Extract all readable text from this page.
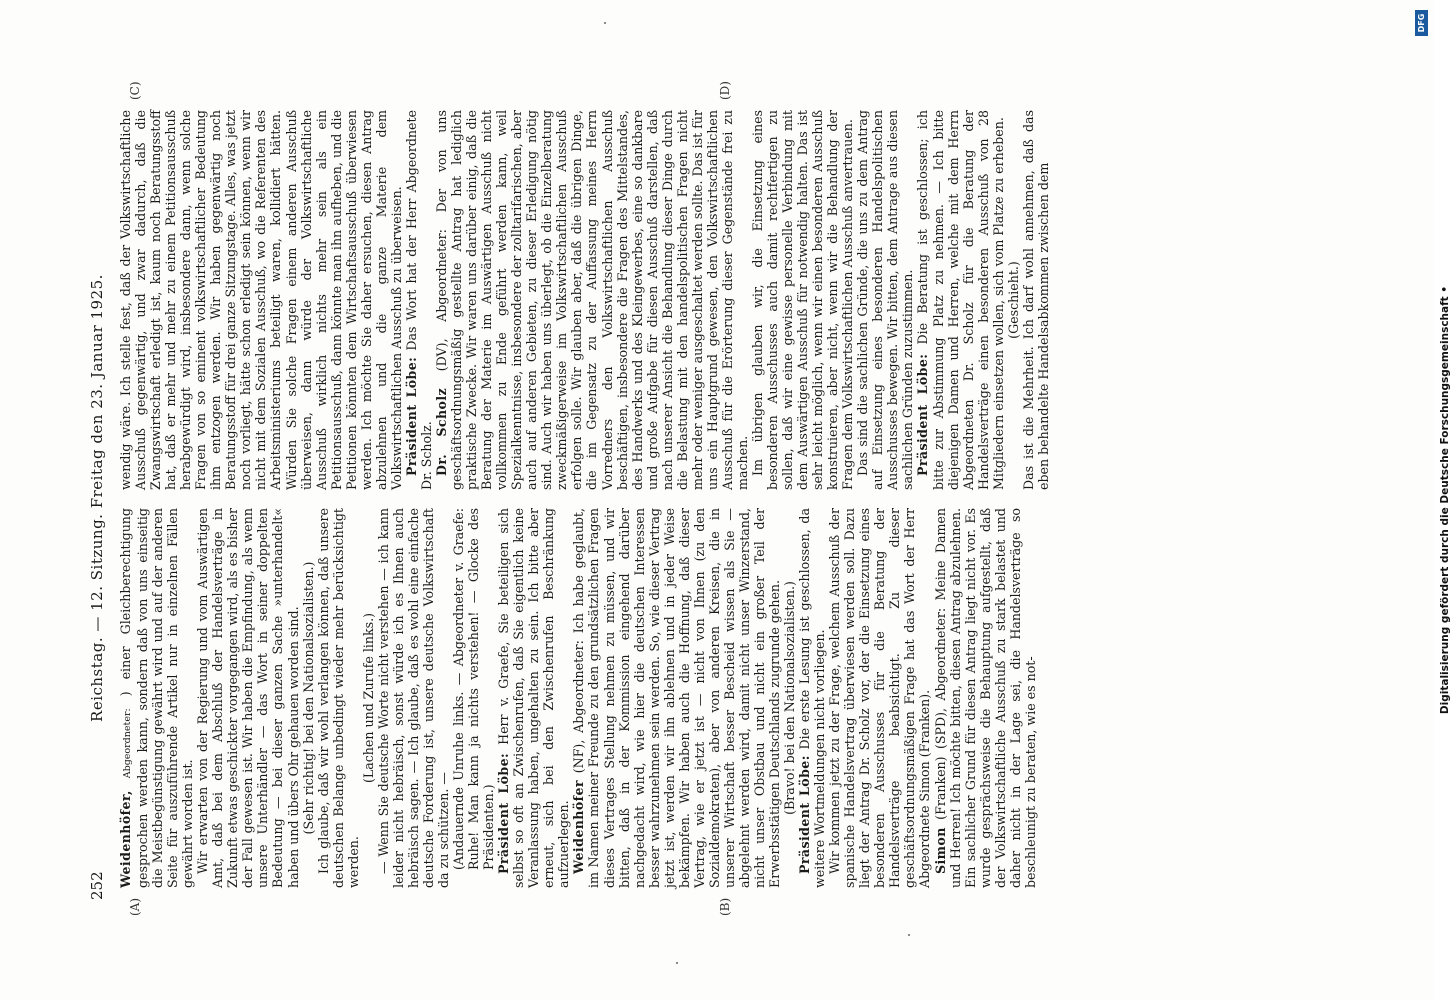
252
Reichstag. — 12. Sitzung. Freitag den 23. Januar 1925.
(A)	(B)
(C)	(D)

Weidenhöfer, Abgeordneter: ) einer Gleichberechtigung gesprochen werden kann, sondern daß von uns einseitig die Meistbegünstigung gewährt wird und auf der anderen Seite für auszuführende Artikel nur in einzelnen Fällen gewährt worden ist. Wir erwarten von der Regierung und vom Auswärtigen Amt, daß bei dem Abschluß der Handelsverträge in Zukunft etwas geschickter vorgegangen wird, als es bisher der Fall gewesen ist. Wir haben die Empfindung, als wenn unsere Unterhändler — das Wort in seiner doppelten Bedeutung — bei dieser ganzen Sache »unterhandelt« haben und übers Ohr gehauen worden sind. (Sehr richtig! bei den Nationalsozialisten.) Ich glaube, daß wir wohl verlangen können, daß unsere deutschen Belange unbedingt wieder mehr berücksichtigt werden.

(Lachen und Zurufe links.) — Wenn Sie deutsche Worte nicht verstehen — ich kann leider nicht hebräisch, sonst würde ich es Ihnen auch hebräisch sagen. — Ich glaube, daß es wohl eine einfache deutsche Forderung ist, unsere deutsche Volkswirtschaft da zu schützen. — (Andauernde Unruhe links. — Abgeordneter v. Graefe: Ruhe! Man kann ja nichts verstehen! — Glocke des Präsidenten.) Präsident Löbe: Herr v. Graefe, Sie beteiligen sich selbst so oft an Zwischenrufen, daß Sie eigentlich keine Veranlassung haben, ungehalten zu sein. Ich bitte aber erneut, sich bei den Zwischenrufen Beschränkung aufzuerlegen. Weidenhöfer (NF), Abgeordneter: Ich habe geglaubt, im Namen meiner Freunde zu den grundsätzlichen Fragen dieses Vertrages Stellung nehmen zu müssen, und wir bitten, daß in der Kommission eingehend darüber nachgedacht wird, wie hier die deutschen Interessen besser wahrzunehmen sein werden. So, wie dieser Vertrag jetzt ist, werden wir ihn ablehnen und in jeder Weise bekämpfen. Wir haben auch die Hoffnung, daß dieser Vertrag, wie er jetzt ist — nicht von Ihnen (zu den Sozialdemokraten), aber von anderen Kreisen, die in unserer Wirtschaft besser Bescheid wissen als Sie — abgelehnt werden wird, damit nicht unser Winzerstand, nicht unser Obstbau und nicht ein großer Teil der Erwerbsstätigen Deutschlands zugrunde gehen. (Bravo! bei den Nationalsozialisten.) Präsident Löbe: Die erste Lesung ist geschlossen, da weitere Wortmeldungen nicht vorliegen. Wir kommen jetzt zu der Frage, welchem Ausschuß der spanische Handelsvertrag überwiesen werden soll. Dazu liegt der Antrag Dr. Scholz vor, der die Einsetzung eines besonderen Ausschusses für die Beratung der Handelsverträge beabsichtigt. Zu dieser geschäftsordnungsmäßigen Frage hat das Wort der Herr Abgeordnete Simon (Franken). Simon (Franken) (SPD), Abgeordneter: Meine Damen und Herren! Ich möchte bitten, diesen Antrag abzulehnen. Ein sachlicher Grund für diesen Antrag liegt nicht vor. Es wurde gesprächsweise die Behauptung aufgestellt, daß der Volkswirtschaftliche Ausschuß zu stark belastet und daher nicht in der Lage sei, die Handelsverträge so beschleunigt zu beraten, wie es not-

wendig wäre. Ich stelle fest, daß der Volkswirtschaftliche Ausschuß gegenwärtig, und zwar dadurch, daß die Zwangswirtschaft erledigt ist, kaum noch Beratungsstoff hat, daß er mehr und mehr zu einem Petitionsausschuß herabgewürdigt wird, insbesondere dann, wenn solche Fragen von so eminent volkswirtschaftlicher Bedeutung ihm entzogen werden. Wir haben gegenwärtig noch Beratungsstoff für drei ganze Sitzungstage. Alles, was jetzt noch vorliegt, hätte schon erledigt sein können, wenn wir nicht mit dem Sozialen Ausschuß, wo die Referenten des Arbeitsministeriums beteiligt waren, kollidiert hätten. Würden Sie solche Fragen einem anderen Ausschuß überweisen, dann würde der Volkswirtschaftliche Ausschuß wirklich nichts mehr sein als ein Petitionsausschuß, dann könnte man ihn aufheben, und die Petitionen könnten dem Wirtschaftsausschuß überwiesen werden. Ich möchte Sie daher ersuchen, diesen Antrag abzulehnen und die ganze Materie dem Volkswirtschaftlichen Ausschuß zu überweisen. Präsident Löbe: Das Wort hat der Herr Abgeordnete Dr. Scholz. Dr. Scholz (DV), Abgeordneter: Der von uns geschäftsordnungsmäßig gestellte Antrag hat lediglich praktische Zwecke. Wir waren uns darüber einig, daß die Beratung der Materie im Auswärtigen Ausschuß nicht vollkommen zu Ende geführt werden kann, weil Spezialkenntnisse, insbesondere der zolltarifarischen, aber auch auf anderen Gebieten, zu dieser Erledigung nötig sind. Auch wir haben uns überlegt, ob die Einzelberatung zweckmäßigerweise im Volkswirtschaftlichen Ausschuß erfolgen solle. Wir glauben aber, daß die übrigen Dinge, die im Gegensatz zu der Auffassung meines Herrn Vorredners den Volkswirtschaftlichen Ausschuß beschäftigen, insbesondere die Fragen des Mittelstandes, des Handwerks und des Kleingewerbes, eine so dankbare und große Aufgabe für diesen Ausschuß darstellen, daß nach unserer Ansicht die Behandlung dieser Dinge durch die Belastung mit den handelspolitischen Fragen nicht mehr oder weniger ausgeschaltet werden sollte. Das ist für uns ein Hauptgrund gewesen, den Volkswirtschaftlichen Ausschuß für die Erörterung dieser Gegenstände frei zu machen. Im übrigen glauben wir, die Einsetzung eines besonderen Ausschusses auch damit rechtfertigen zu sollen, daß wir eine gewisse personelle Verbindung mit dem Auswärtigen Ausschuß für notwendig halten. Das ist sehr leicht möglich, wenn wir einen besonderen Ausschuß konstruieren, aber nicht, wenn wir die Behandlung der Fragen dem Volkswirtschaftlichen Ausschuß anvertrauen. Das sind die sachlichen Gründe, die uns zu dem Antrag auf Einsetzung eines besonderen Handelspolitischen Ausschusses bewegen. Wir bitten, dem Antrage aus diesen sachlichen Gründen zuzustimmen. Präsident Löbe: Die Beratung ist geschlossen; ich bitte zur Abstimmung Platz zu nehmen. — Ich bitte diejenigen Damen und Herren, welche mit dem Herrn Abgeordneten Dr. Scholz für die Beratung der Handelsverträge einen besonderen Ausschuß von 28 Mitgliedern einsetzen wollen, sich vom Platze zu erheben. (Geschieht.) Das ist die Mehrheit. Ich darf wohl annehmen, daß das eben behandelte Handelsabkommen zwischen dem	Digitalisierung gefördert durch die Deutsche Forschungsgemeinschaft •
DFG
